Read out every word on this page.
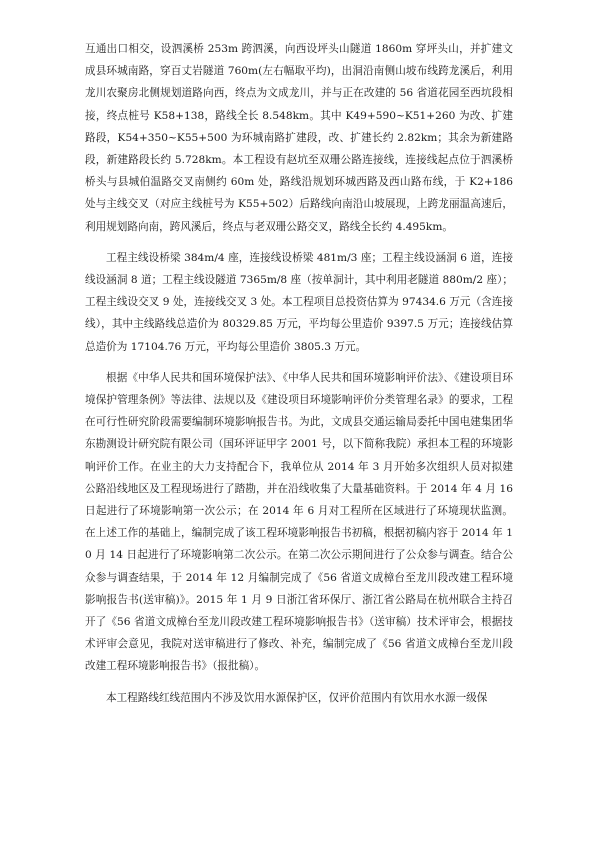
互通出口相交，设泗溪桥 253m 跨泗溪，向西设坪头山隧道 1860m 穿坪头山，并扩建文成县环城南路，穿百丈岩隧道 760m(左右幅取平均)，出洞沿南侧山坡布线跨龙溪后，利用龙川农聚房北侧规划道路向西，终点为文成龙川，并与正在改建的 56 省道花园至西坑段相接，终点桩号 K58+138，路线全长 8.548km。其中 K49+590~K51+260 为改、扩建路段，K54+350~K55+500 为环城南路扩建段，改、扩建长约 2.82km；其余为新建路段，新建路段长约 5.728km。本工程设有赵坑至双珊公路连接线，连接线起点位于泗溪桥桥头与县城伯温路交叉南侧约 60m 处，路线沿规划环城西路及西山路布线，于 K2+186 处与主线交叉（对应主线桩号为 K55+502）后路线向南沿山坡展现，上跨龙丽温高速后，利用规划路向南，跨风溪后，终点与老双珊公路交叉，路线全长约 4.495km。

工程主线设桥梁 384m/4 座，连接线设桥梁 481m/3 座；工程主线设涵洞 6 道，连接线设涵洞 8 道；工程主线设隧道 7365m/8 座（按单洞计，其中利用老隧道 880m/2 座）；工程主线设交叉 9 处，连接线交叉 3 处。本工程项目总投资估算为 97434.6 万元（含连接线），其中主线路线总造价为 80329.85 万元，平均每公里造价 9397.5 万元；连接线估算总造价为 17104.76 万元，平均每公里造价 3805.3 万元。

根据《中华人民共和国环境保护法》、《中华人民共和国环境影响评价法》、《建设项目环境保护管理条例》等法律、法规以及《建设项目环境影响评价分类管理名录》的要求，工程在可行性研究阶段需要编制环境影响报告书。为此，文成县交通运输局委托中国电建集团华东勘测设计研究院有限公司（国环评证甲字 2001 号，以下简称我院）承担本工程的环境影响评价工作。在业主的大力支持配合下，我单位从 2014 年 3 月开始多次组织人员对拟建公路沿线地区及工程现场进行了踏勘，并在沿线收集了大量基础资料。于 2014 年 4 月 16 日起进行了环境影响第一次公示；在 2014 年 6 月对工程所在区域进行了环境现状监测。在上述工作的基础上，编制完成了该工程环境影响报告书初稿，根据初稿内容于 2014 年 10 月 14 日起进行了环境影响第二次公示。在第二次公示期间进行了公众参与调查。结合公众参与调查结果，于 2014 年 12 月编制完成了《56 省道文成樟台至龙川段改建工程环境影响报告书(送审稿)》。2015 年 1 月 9 日浙江省环保厅、浙江省公路局在杭州联合主持召开了《56 省道文成樟台至龙川段改建工程环境影响报告书》（送审稿）技术评审会，根据技术评审会意见，我院对送审稿进行了修改、补充，编制完成了《56 省道文成樟台至龙川段改建工程环境影响报告书》（报批稿）。

本工程路线红线范围内不涉及饮用水源保护区，仅评价范围内有饮用水水源一级保
